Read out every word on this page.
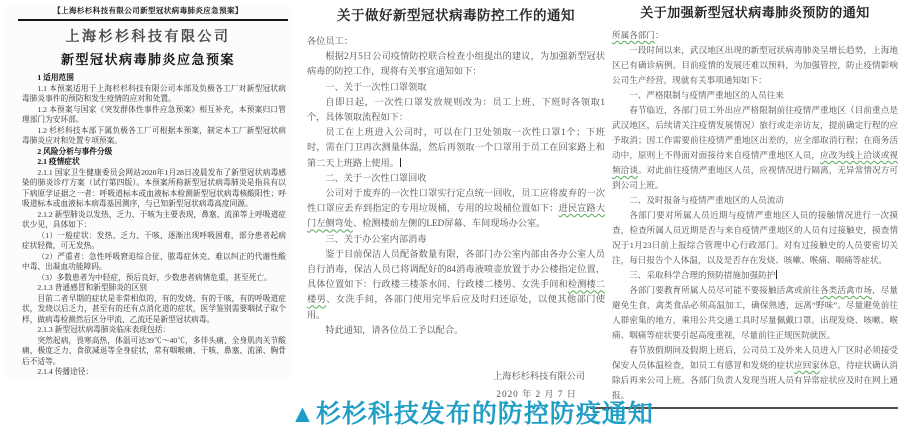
【上海杉杉科技有限公司新型冠状病毒肺炎应急预案】
上海杉杉科技有限公司
新型冠状病毒肺炎应急预案

1 适用范围

1.1 本预案适用于上海杉杉科技有限公司本部及负极各工厂对新型冠状病毒肺炎事件的预防和发生疫情的应对和处置。

1.2 本预案与国家《突发群体性事件应急预案》相互补充，本预案归口管理部门为安环部。

1.2 杉杉科技本部下属负极各工厂可根据本预案，制定本工厂新型冠状病毒肺炎应对和处置专项预案。

2 风险分析与事件分级

2.1 疫情症状

2.1.1 国家卫生健康委员会网站2020年1月28日凌晨发布了新型冠状病毒感染的肺炎诊疗方案（试行第四版）。本预案所称新型冠状病毒肺炎是指具有以下病原学证据之一者：呼吸道标本或血液标本检测新型冠状病毒核酸阳性；呼吸道标本或血液标本病毒基因测序，与已知新型冠状病毒高度同源。

2.1.2 新型肺炎以发热、乏力、干咳为主要表现，鼻塞、流涕等上呼吸道症状少见，具体如下：

（1）一般症状：发热、乏力、干咳、逐渐出现呼吸困难，部分患者起病症状轻微，可无发热。

（2）严重者：急性呼吸窘迫综合征、脓毒症休克、难以纠正的代谢性酸中毒、出凝血功能障码。

（3）多数患者为中轻症，预后良好，少数患者病情危重，甚至死亡。

2.1.3 普通感冒和新型肺炎的区别

目前二者早期的症状是非常相似的，有的发烧、有的干咳，有的呼吸道症状，发烧以后乏力，甚至有的还有点消化道的症状，医学鉴别需要咽拭子取个样，做病毒检测然后区分甲流、乙流还是新型冠状病毒。

2.1.3 新型冠状病毒肺炎临床表现包括：

突然起病，畏寒高热，体温可达39℃～40℃，多伴头痛、全身肌肉关节酸痛、极度乏力、食欲减退等全身症状，常有咽喉痛、干咳、鼻塞、流涕、胸骨后不适等。

2.1.4 传播途径：

关于做好新型冠状病毒防控工作的通知

各位员工：

根据2月5日公司疫情防控联合检查小组提出的建议，为加强新型冠状病毒的防控工作，现将有关事宜通知如下：

一、关于一次性口罩领取

自即日起，一次性口罩发放规则改为：员工上班、下班时各领取1个，具体领取流程如下：

员工在上班进入公司时，可以在门卫处领取一次性口罩1个；下班时，需在门卫再次测量体温，然后再领取一个口罩用于员工在回家路上和第二天上班路上使用。

二、关于一次性口罩回收

公司对于废弃的一次性口罩实行定点统一回收，员工应将废弃的一次性口罩应丢弃到指定的专用垃圾桶，专用的垃圾桶位置如下：进民宣路大门左侧弯处、检测楼前左侧的LED屏幕、车间现场办公室。

三、关于办公室内部消毒

鉴于目前保洁人员配备数量有限，各部门办公室内部由各办公室人员自行消毒，保洁人员已将调配好的84消毒液喷壶放置于办公楼指定位置，具体位置如下：行政楼三楼茶水间、行政楼二楼男、女洗手间和检测楼二楼男、女洗手间，各部门使用完毕后应及时归还原处，以便其他部门使用。

特此通知，请各位员工予以配合。

上海杉杉科技有限公司
2020 年 2 月 7 日
关于加强新型冠状病毒肺炎预防的通知

所属各部门：

一段时间以来，武汉地区出现的新型冠状病毒肺炎呈增长趋势，上海地区已有确诊病例。目前疫情的发展还难以预料，为加强管控，防止疫情影响公司生产经营，现就有关事项通知如下：

一、严格限制与疫情严重地区的人员往来

春节临近，各部门员工外出应严格限制前往疫情严重地区（目前重点是武汉地区，后续请关注疫情发展情况）旅行或走亲访友，提前确定行程的应予取消；因工作需要前往疫情严重地区出差的，应全部取消行程；在商务活动中，原则上不得面对面接待来自疫情严重地区人员，应改为线上洽谈或视频洽谈。对此前往疫情严重地区人员，应视情况进行隔离，无异常情况方可到公司上班。

二、及时报备与疫情严重地区的人员流动

各部门要对所属人员近期与疫情严重地区人员的接触情况进行一次摸查，检查所属人员近期是否与来自疫情严重地区的人员有过接触史，摸查情况于1月23日前上报综合管理中心行政部门。对有过接触史的人员要密切关注，每日报告个人体温，以及是否存在发烧、咳嗽、喉痛、咽痛等症状。

三、采取科学合理的预防措施加强防护

各部门要教育所属人员尽可能不要接触活禽或前往各类活禽市场，尽量避免生食，禽类食品必须高温加工，确保熟透，远离“野味”。尽量避免前往人群密集的地方，乘用公共交通工具时尽量佩戴口罩。出现发烧、咳嗽、喉痛、咽痛等症状要引起高度重视，尽量前往正规医院就医。

春节放假期间及假期上班后，公司员工及外来人员进入厂区时必须接受保安人员体温检查，如员工有感冒和发烧的症状应回家休息，待症状确认消除后再来公司上班。各部门负责人发现当班人员有异常症状应及时在网上通报。

▲杉杉科技发布的防控防疫通知
